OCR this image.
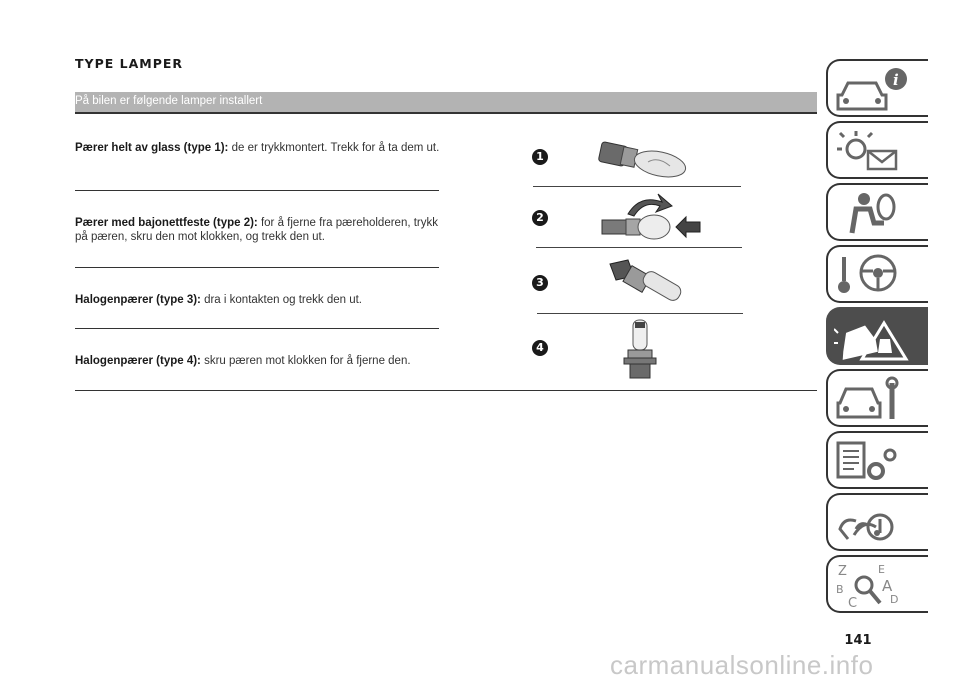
TYPE LAMPER
På bilen er følgende lamper installert
Pærer helt av glass (type 1): de er trykkmontert. Trekk for å ta dem ut.
Pærer med bajonettfeste (type 2): for å fjerne fra pæreholderen, trykk på pæren, skru den mot klokken, og trekk den ut.
Halogenpærer (type 3): dra i kontakten og trekk den ut.
Halogenpærer (type 4): skru pæren mot klokken for å fjerne den.
1
2
3
4
i
Z	E
B	A
C	D
141
carmanualsonline.info
